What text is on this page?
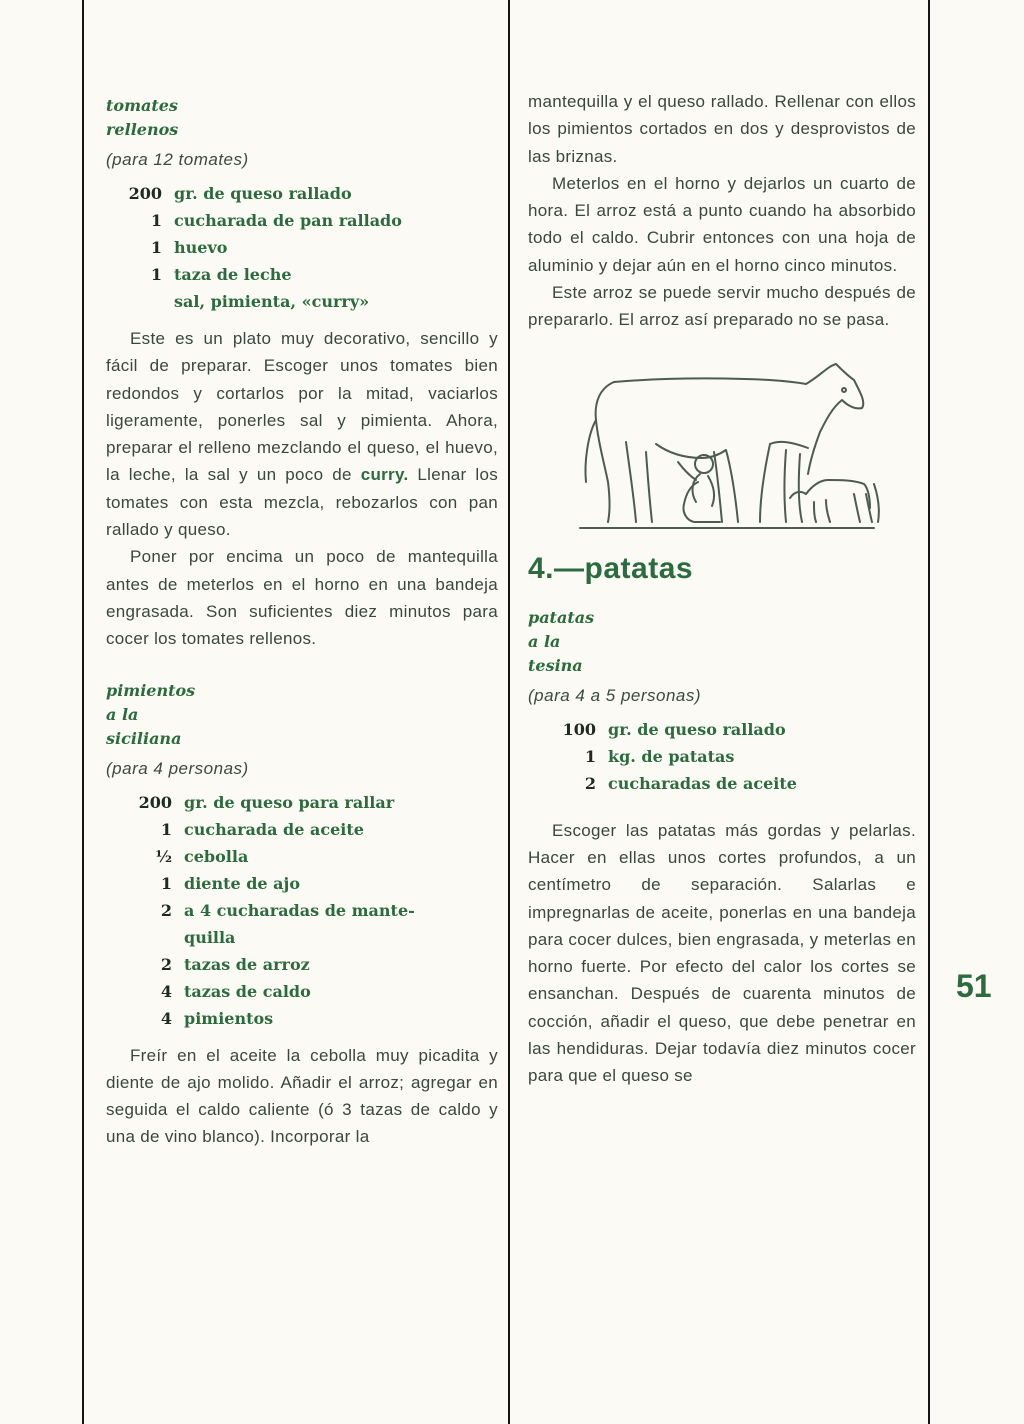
tomates
rellenos
(para 12 tomates)
200 gr. de queso rallado
1 cucharada de pan rallado
1 huevo
1 taza de leche
sal, pimienta, «curry»

Este es un plato muy decorativo, sencillo y fácil de preparar. Escoger unos tomates bien redondos y cortarlos por la mitad, vaciarlos ligeramente, ponerles sal y pimienta. Ahora, preparar el relleno mezclando el queso, el huevo, la leche, la sal y un poco de curry. Llenar los tomates con esta mezcla, rebozarlos con pan rallado y queso.

Poner por encima un poco de mantequilla antes de meterlos en el horno en una bandeja engrasada. Son suficientes diez minutos para cocer los tomates rellenos.

pimientos
a la
siciliana
(para 4 personas)
200 gr. de queso para rallar
1 cucharada de aceite
½ cebolla
1 diente de ajo
2 a 4 cucharadas de mante-
quilla
2 tazas de arroz
4 tazas de caldo
4 pimientos

Freír en el aceite la cebolla muy picadita y diente de ajo molido. Añadir el arroz; agregar en seguida el caldo caliente (ó 3 tazas de caldo y una de vino blanco). Incorporar la

mantequilla y el queso rallado. Rellenar con ellos los pimientos cortados en dos y desprovistos de las briznas.

Meterlos en el horno y dejarlos un cuarto de hora. El arroz está a punto cuando ha absorbido todo el caldo. Cubrir entonces con una hoja de aluminio y dejar aún en el horno cinco minutos.

Este arroz se puede servir mucho después de prepararlo. El arroz así preparado no se pasa.

4.—patatas
patatas
a la
tesina
(para 4 a 5 personas)
100 gr. de queso rallado
1 kg. de patatas
2 cucharadas de aceite

Escoger las patatas más gordas y pelarlas. Hacer en ellas unos cortes profundos, a un centímetro de separación. Salarlas e impregnarlas de aceite, ponerlas en una bandeja para cocer dulces, bien engrasada, y meterlas en horno fuerte. Por efecto del calor los cortes se ensanchan. Después de cuarenta minutos de cocción, añadir el queso, que debe penetrar en las hendiduras. Dejar todavía diez minutos cocer para que el queso se

51
